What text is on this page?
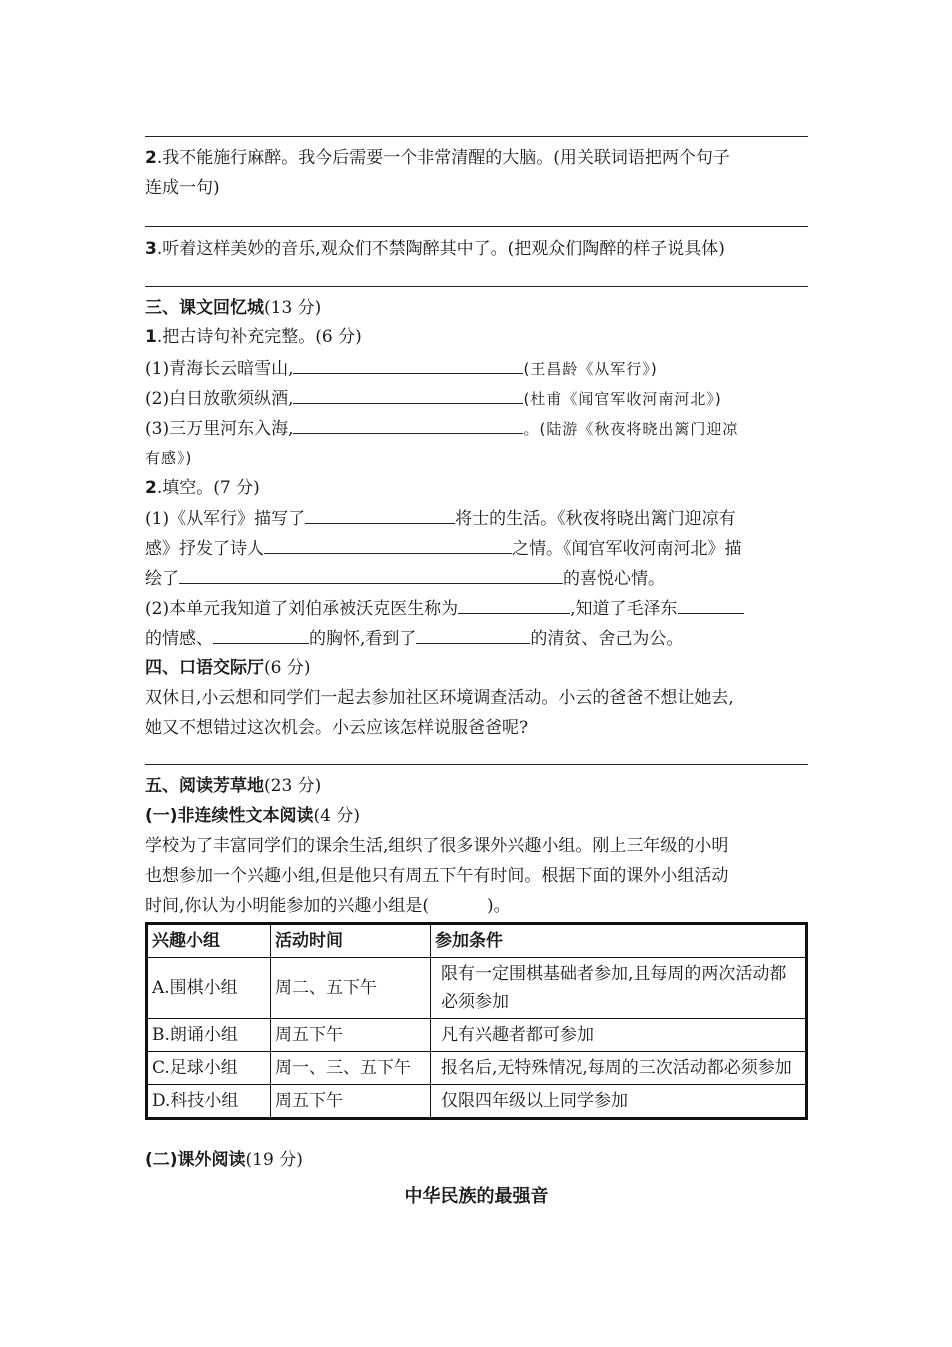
2.我不能施行麻醉。我今后需要一个非常清醒的大脑。(用关联词语把两个句子
连成一句)
3.听着这样美妙的音乐,观众们不禁陶醉其中了。(把观众们陶醉的样子说具体)
三、课文回忆城(13 分)
1.把古诗句补充完整。(6 分)
(1)青海长云暗雪山,	(王昌龄《从军行》)
(2)白日放歌须纵酒,	(杜甫《闻官军收河南河北》)
(3)三万里河东入海,	。(陆游《秋夜将晓出篱门迎凉
有感》)
2.填空。(7 分)
(1)《从军行》描写了	将士的生活。《秋夜将晓出篱门迎凉有
感》抒发了诗人	之情。《闻官军收河南河北》描
绘了	的喜悦心情。
(2)本单元我知道了刘伯承被沃克医生称为	,知道了毛泽东
的情感、	的胸怀,看到了	的清贫、舍己为公。
四、口语交际厅(6 分)
双休日,小云想和同学们一起去参加社区环境调查活动。小云的爸爸不想让她去,
她又不想错过这次机会。小云应该怎样说服爸爸呢?
五、阅读芳草地(23 分)
(一)非连续性文本阅读(4 分)
学校为了丰富同学们的课余生活,组织了很多课外兴趣小组。刚上三年级的小明
也想参加一个兴趣小组,但是他只有周五下午有时间。根据下面的课外小组活动
时间,你认为小明能参加的兴趣小组是(	)。
兴趣小组	活动时间	参加条件
A.围棋小组	周二、五下午	限有一定围棋基础者参加,且每周的两次活动都必须参加
B.朗诵小组	周五下午	凡有兴趣者都可参加
C.足球小组	周一、三、五下午	报名后,无特殊情况,每周的三次活动都必须参加
D.科技小组	周五下午	仅限四年级以上同学参加
(二)课外阅读(19 分)
中华民族的最强音
